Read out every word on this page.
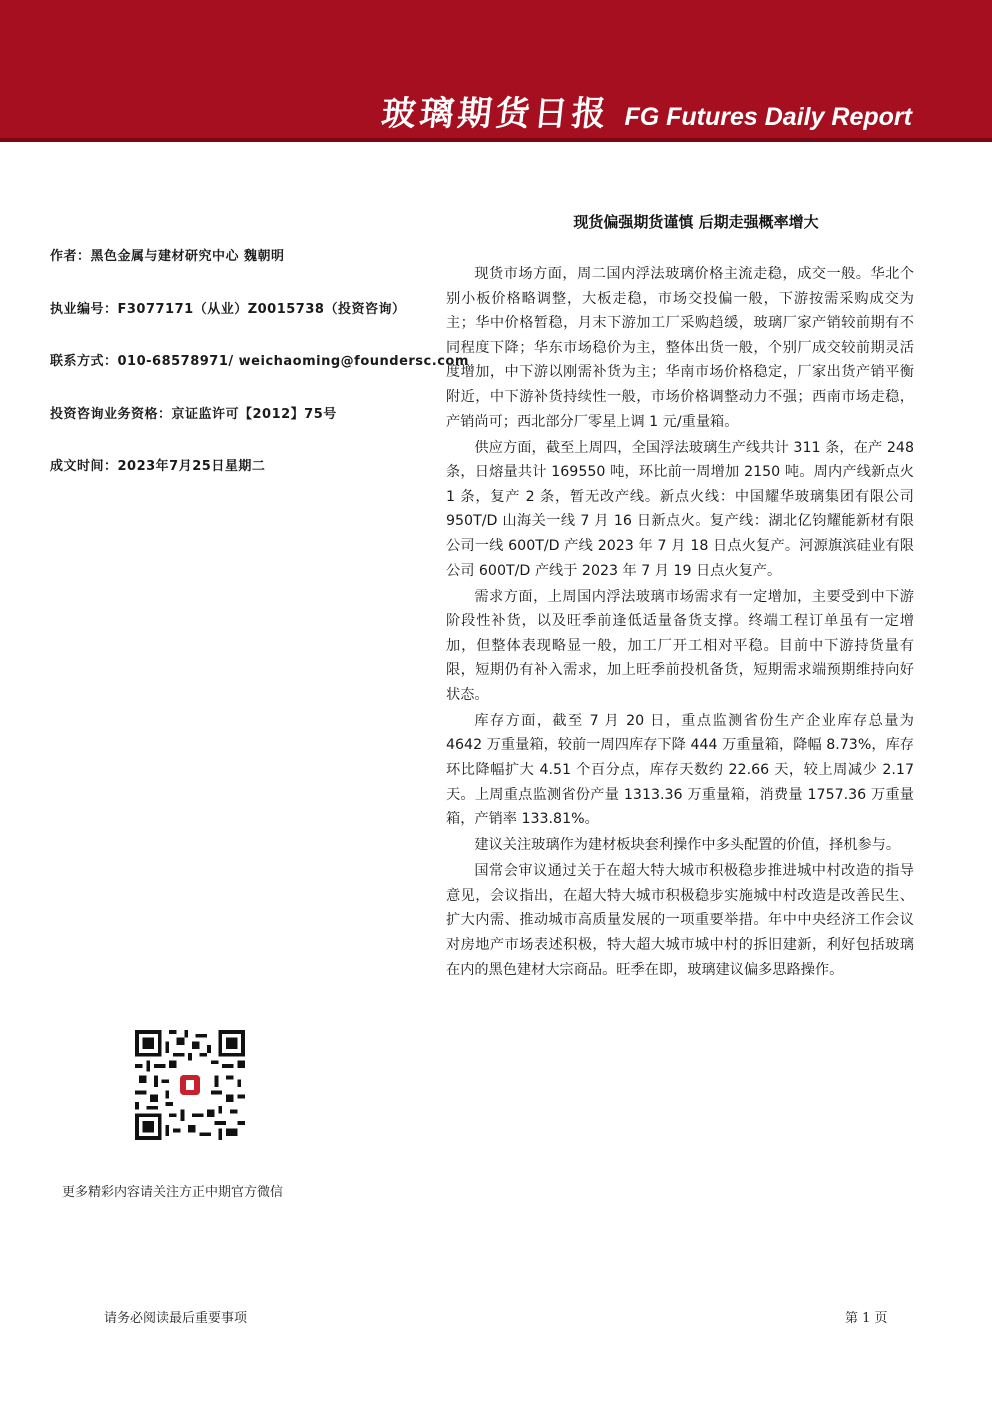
玻璃期货日报 FG Futures Daily Report
作者：黑色金属与建材研究中心 魏朝明
执业编号：F3077171（从业）Z0015738（投资咨询）
联系方式：010-68578971/ weichaoming@foundersc.com
投资咨询业务资格：京证监许可【2012】75号
成文时间：2023年7月25日星期二
现货偏强期货谨慎 后期走强概率增大

现货市场方面，周二国内浮法玻璃价格主流走稳，成交一般。华北个别小板价格略调整，大板走稳，市场交投偏一般，下游按需采购成交为主；华中价格暂稳，月末下游加工厂采购趋缓，玻璃厂家产销较前期有不同程度下降；华东市场稳价为主，整体出货一般，个别厂成交较前期灵活度增加，中下游以刚需补货为主；华南市场价格稳定，厂家出货产销平衡附近，中下游补货持续性一般，市场价格调整动力不强；西南市场走稳，产销尚可；西北部分厂零星上调 1 元/重量箱。

供应方面，截至上周四，全国浮法玻璃生产线共计 311 条，在产 248 条，日熔量共计 169550 吨，环比前一周增加 2150 吨。周内产线新点火 1 条，复产 2 条，暂无改产线。新点火线：中国耀华玻璃集团有限公司 950T/D 山海关一线 7 月 16 日新点火。复产线：湖北亿钧耀能新材有限公司一线 600T/D 产线 2023 年 7 月 18 日点火复产。河源旗滨硅业有限公司 600T/D 产线于 2023 年 7 月 19 日点火复产。

需求方面，上周国内浮法玻璃市场需求有一定增加，主要受到中下游阶段性补货，以及旺季前逢低适量备货支撑。终端工程订单虽有一定增加，但整体表现略显一般，加工厂开工相对平稳。目前中下游持货量有限，短期仍有补入需求，加上旺季前投机备货，短期需求端预期维持向好状态。

库存方面，截至 7 月 20 日，重点监测省份生产企业库存总量为 4642 万重量箱，较前一周四库存下降 444 万重量箱，降幅 8.73%，库存环比降幅扩大 4.51 个百分点，库存天数约 22.66 天，较上周减少 2.17 天。上周重点监测省份产量 1313.36 万重量箱，消费量 1757.36 万重量箱，产销率 133.81%。

建议关注玻璃作为建材板块套利操作中多头配置的价值，择机参与。

国常会审议通过关于在超大特大城市积极稳步推进城中村改造的指导意见，会议指出，在超大特大城市积极稳步实施城中村改造是改善民生、扩大内需、推动城市高质量发展的一项重要举措。年中中央经济工作会议对房地产市场表述积极，特大超大城市城中村的拆旧建新，利好包括玻璃在内的黑色建材大宗商品。旺季在即，玻璃建议偏多思路操作。

更多精彩内容请关注方正中期官方微信
请务必阅读最后重要事项	第 1 页
